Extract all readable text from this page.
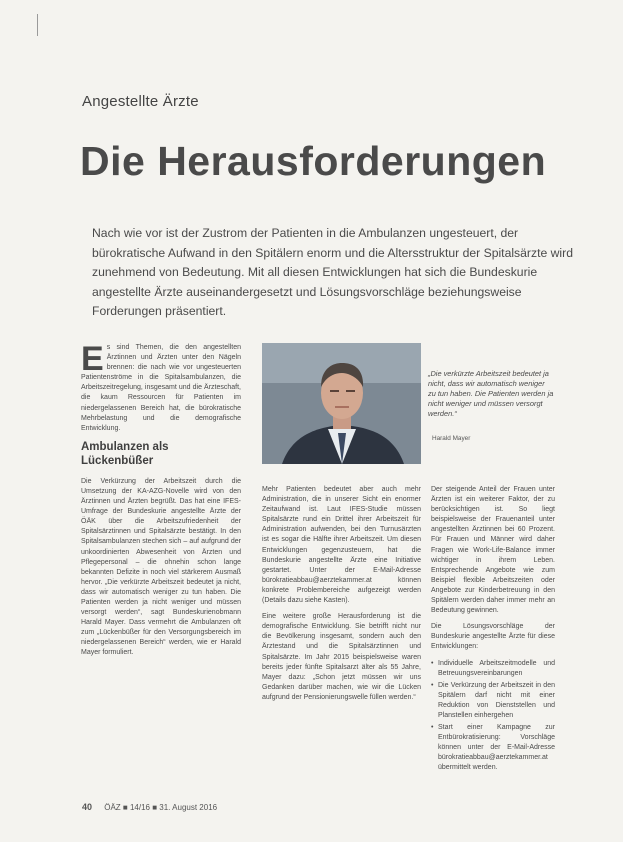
Angestellte Ärzte
Die Herausforderungen
Nach wie vor ist der Zustrom der Patienten in die Ambulanzen ungesteuert, der bürokratische Aufwand in den Spitälern enorm und die Altersstruktur der Spitalsärzte wird zunehmend von Bedeutung. Mit all diesen Entwicklungen hat sich die Bundeskurie angestellte Ärzte auseinandergesetzt und Lösungsvorschläge beziehungsweise Forderungen präsentiert.

Es sind Themen, die den angestellten Ärztinnen und Ärzten unter den Nägeln brennen: die nach wie vor ungesteuerten Patientenströme in die Spitalsambulanzen, die Arbeitszeitregelung, insgesamt und die Ärzteschaft, die kaum Ressourcen für Patienten im niedergelassenen Bereich hat, die bürokratische Mehrbelastung und die demografische Entwicklung.

Ambulanzen als Lückenbüßer

Die Verkürzung der Arbeitszeit durch die Umsetzung der KA-AZG-Novelle wird von den Ärztinnen und Ärzten begrüßt. Das hat eine IFES-Umfrage der Bundeskurie angestellte Ärzte der ÖÄK über die Arbeitszufriedenheit der Spitalsärztinnen und Spitalsärzte bestätigt. In den Spitalsambulanzen stechen sich – auf aufgrund der unkoordinierten Abwesenheit von Ärzten und Pflegepersonal – die ohnehin schon lange bekannten Defizite in noch viel stärkerem Ausmaß hervor. „Die verkürzte Arbeitszeit bedeutet ja nicht, dass wir automatisch weniger zu tun haben. Die Patienten werden ja nicht weniger und müssen versorgt werden“, sagt Bundeskurienobmann Harald Mayer. Dass vermehrt die Ambulanzen oft zum „Lückenbüßer für den Versorgungsbereich im niedergelassenen Bereich“ werden, wie er Harald Mayer formuliert.

„Die verkürzte Arbeitszeit bedeutet ja nicht, dass wir automatisch weniger zu tun haben. Die Patienten werden ja nicht weniger und müssen versorgt werden.“
Harald Mayer

Mehr Patienten bedeutet aber auch mehr Administration, die in unserer Sicht ein enormer Zeitaufwand ist. Laut IFES-Studie müssen Spitalsärzte rund ein Drittel ihrer Arbeitszeit für Administration aufwenden, bei den Turnusärzten ist es sogar die Hälfte ihrer Arbeitszeit. Um diesen Entwicklungen gegenzusteuern, hat die Bundeskurie angestellte Ärzte eine Initiative gestartet. Unter der E-Mail-Adresse bürokratieabbau@aerztekammer.at können konkrete Problembereiche aufgezeigt werden (Details dazu siehe Kasten).

Eine weitere große Herausforderung ist die demografische Entwicklung. Sie betrifft nicht nur die Bevölkerung insgesamt, sondern auch den Ärztestand und die Spitalsärztinnen und Spitalsärzte. Im Jahr 2015 beispielsweise waren bereits jeder fünfte Spitalsarzt älter als 55 Jahre, Mayer dazu: „Schon jetzt müssen wir uns Gedanken darüber machen, wie wir die Lücken aufgrund der Pensionierungswelle füllen werden.“

Der steigende Anteil der Frauen unter Ärzten ist ein weiterer Faktor, der zu berücksichtigen ist. So liegt beispielsweise der Frauenanteil unter angestellten Ärztinnen bei 60 Prozent. Für Frauen und Männer wird daher Fragen wie Work-Life-Balance immer wichtiger in ihrem Leben. Entsprechende Angebote wie zum Beispiel flexible Arbeitszeiten oder Angebote zur Kinderbetreuung in den Spitälern werden daher immer mehr an Bedeutung gewinnen.

Die Lösungsvorschläge der Bundeskurie angestellte Ärzte für diese Entwicklungen:

• Individuelle Arbeitszeitmodelle und Betreuungsvereinbarungen
• Die Verkürzung der Arbeitszeit in den Spitälern darf nicht mit einer Reduktion von Dienststellen und Planstellen einhergehen
• Start einer Kampagne zur Entbürokratisierung: Vorschläge können unter der E-Mail-Adresse bürokratieabbau@aerztekammer.at übermittelt werden.
40 ÖÄZ ■ 14/16 ■ 31. August 2016
